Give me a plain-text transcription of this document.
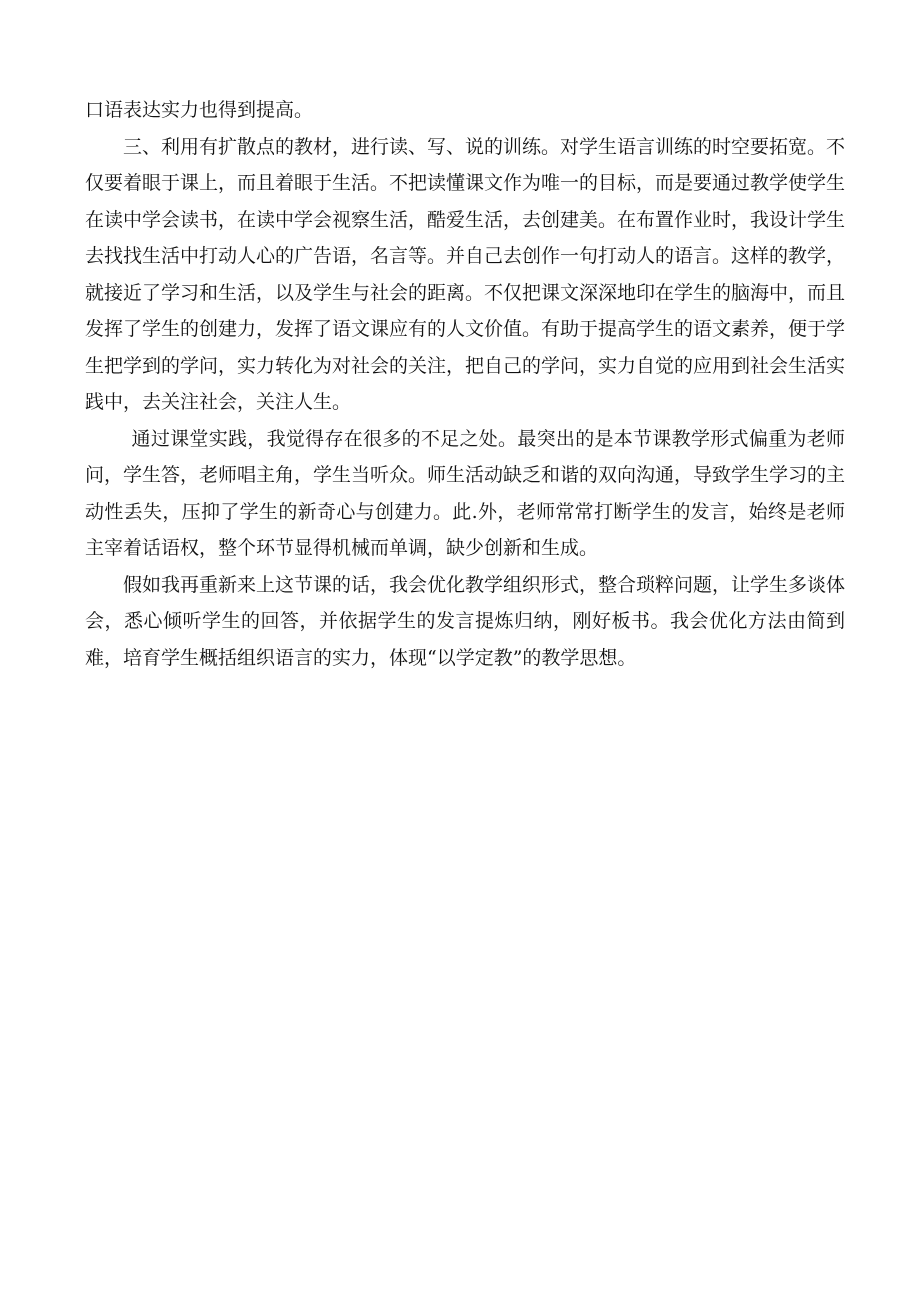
口语表达实力也得到提高。

三、利用有扩散点的教材，进行读、写、说的训练。对学生语言训练的时空要拓宽。不仅要着眼于课上，而且着眼于生活。不把读懂课文作为唯一的目标，而是要通过教学使学生在读中学会读书，在读中学会视察生活，酷爱生活，去创建美。在布置作业时，我设计学生去找找生活中打动人心的广告语，名言等。并自己去创作一句打动人的语言。这样的教学，就接近了学习和生活，以及学生与社会的距离。不仅把课文深深地印在学生的脑海中，而且发挥了学生的创建力，发挥了语文课应有的人文价值。有助于提高学生的语文素养，便于学生把学到的学问，实力转化为对社会的关注，把自己的学问，实力自觉的应用到社会生活实践中，去关注社会，关注人生。

通过课堂实践，我觉得存在很多的不足之处。最突出的是本节课教学形式偏重为老师问，学生答，老师唱主角，学生当听众。师生活动缺乏和谐的双向沟通，导致学生学习的主动性丢失，压抑了学生的新奇心与创建力。此.外，老师常常打断学生的发言，始终是老师主宰着话语权，整个环节显得机械而单调，缺少创新和生成。

假如我再重新来上这节课的话，我会优化教学组织形式，整合琐粹问题，让学生多谈体会，悉心倾听学生的回答，并依据学生的发言提炼归纳，刚好板书。我会优化方法由简到难，培育学生概括组织语言的实力，体现“以学定教”的教学思想。
